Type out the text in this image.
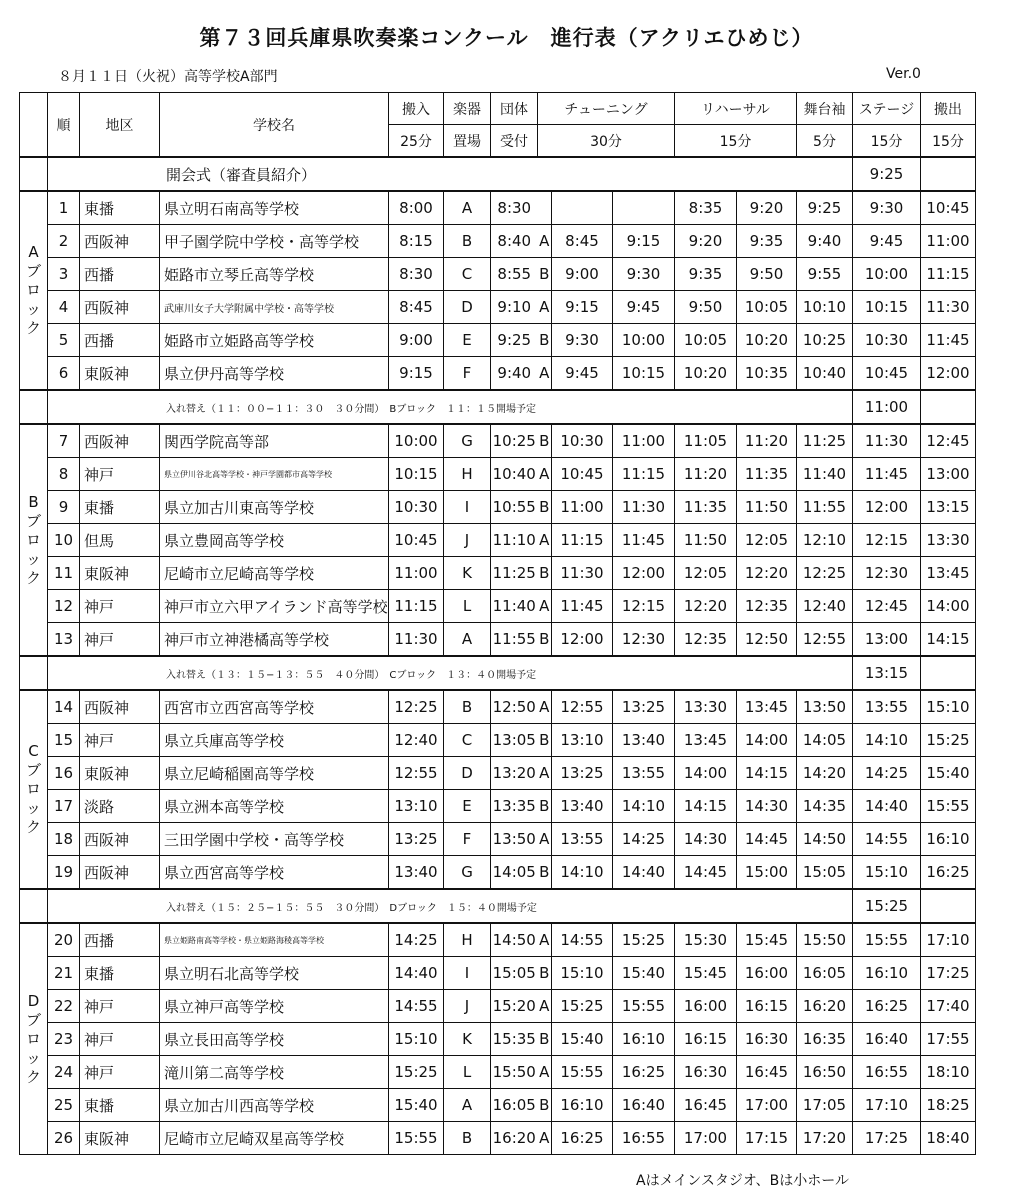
第７３回兵庫県吹奏楽コンクール　進行表（アクリエひめじ）
８月１１日（火祝）高等学校A部門	Ver.0
	順	地区	学校名	搬入	楽器	団体	チューニング			リハーサル		舞台袖	ステージ	搬出
				25分	置場	受付	30分			15分		5分	15分	15分
	開会式（審査員紹介）												9:25	

A
ブ
ロ
ッ
ク	1	東播	県立明石南高等学校	8:00	A	8:30				8:35	9:20	9:25	9:30	10:45
	2	西阪神	甲子園学院中学校・高等学校	8:15	B	8:40	A	8:45	9:15	9:20	9:35	9:40	9:45	11:00
	3	西播	姫路市立琴丘高等学校	8:30	C	8:55	B	9:00	9:30	9:35	9:50	9:55	10:00	11:15
	4	西阪神	武庫川女子大学附属中学校・高等学校	8:45	D	9:10	A	9:15	9:45	9:50	10:05	10:10	10:15	11:30
	5	西播	姫路市立姫路高等学校	9:00	E	9:25	B	9:30	10:00	10:05	10:20	10:25	10:30	11:45
	6	東阪神	県立伊丹高等学校	9:15	F	9:40	A	9:45	10:15	10:20	10:35	10:40	10:45	12:00
	入れ替え（１１：００−１１：３０　３０分間）　Bブロック　１１：１５開場予定												11:00	

B
ブ
ロ
ッ
ク	7	西阪神	関西学院高等部	10:00	G	10:25	B	10:30	11:00	11:05	11:20	11:25	11:30	12:45
	8	神戸	県立伊川谷北高等学校・神戸学園都市高等学校	10:15	H	10:40	A	10:45	11:15	11:20	11:35	11:40	11:45	13:00
	9	東播	県立加古川東高等学校	10:30	I	10:55	B	11:00	11:30	11:35	11:50	11:55	12:00	13:15
	10	但馬	県立豊岡高等学校	10:45	J	11:10	A	11:15	11:45	11:50	12:05	12:10	12:15	13:30
	11	東阪神	尼崎市立尼崎高等学校	11:00	K	11:25	B	11:30	12:00	12:05	12:20	12:25	12:30	13:45
	12	神戸	神戸市立六甲アイランド高等学校	11:15	L	11:40	A	11:45	12:15	12:20	12:35	12:40	12:45	14:00
	13	神戸	神戸市立神港橘高等学校	11:30	A	11:55	B	12:00	12:30	12:35	12:50	12:55	13:00	14:15
	入れ替え（１３：１５−１３：５５　４０分間）　Cブロック　１３：４０開場予定												13:15	

C
ブ
ロ
ッ
ク	14	西阪神	西宮市立西宮高等学校	12:25	B	12:50	A	12:55	13:25	13:30	13:45	13:50	13:55	15:10
	15	神戸	県立兵庫高等学校	12:40	C	13:05	B	13:10	13:40	13:45	14:00	14:05	14:10	15:25
	16	東阪神	県立尼崎稲園高等学校	12:55	D	13:20	A	13:25	13:55	14:00	14:15	14:20	14:25	15:40
	17	淡路	県立洲本高等学校	13:10	E	13:35	B	13:40	14:10	14:15	14:30	14:35	14:40	15:55
	18	西阪神	三田学園中学校・高等学校	13:25	F	13:50	A	13:55	14:25	14:30	14:45	14:50	14:55	16:10
	19	西阪神	県立西宮高等学校	13:40	G	14:05	B	14:10	14:40	14:45	15:00	15:05	15:10	16:25
	入れ替え（１５：２５−１５：５５　３０分間）　Dブロック　１５：４０開場予定												15:25	

D
ブ
ロ
ッ
ク	20	西播	県立姫路南高等学校・県立姫路海稜高等学校	14:25	H	14:50	A	14:55	15:25	15:30	15:45	15:50	15:55	17:10
	21	東播	県立明石北高等学校	14:40	I	15:05	B	15:10	15:40	15:45	16:00	16:05	16:10	17:25
	22	神戸	県立神戸高等学校	14:55	J	15:20	A	15:25	15:55	16:00	16:15	16:20	16:25	17:40
	23	神戸	県立長田高等学校	15:10	K	15:35	B	15:40	16:10	16:15	16:30	16:35	16:40	17:55
	24	神戸	滝川第二高等学校	15:25	L	15:50	A	15:55	16:25	16:30	16:45	16:50	16:55	18:10
	25	東播	県立加古川西高等学校	15:40	A	16:05	B	16:10	16:40	16:45	17:00	17:05	17:10	18:25
	26	東阪神	尼崎市立尼崎双星高等学校	15:55	B	16:20	A	16:25	16:55	17:00	17:15	17:20	17:25	18:40
Aはメインスタジオ、Bは小ホール
